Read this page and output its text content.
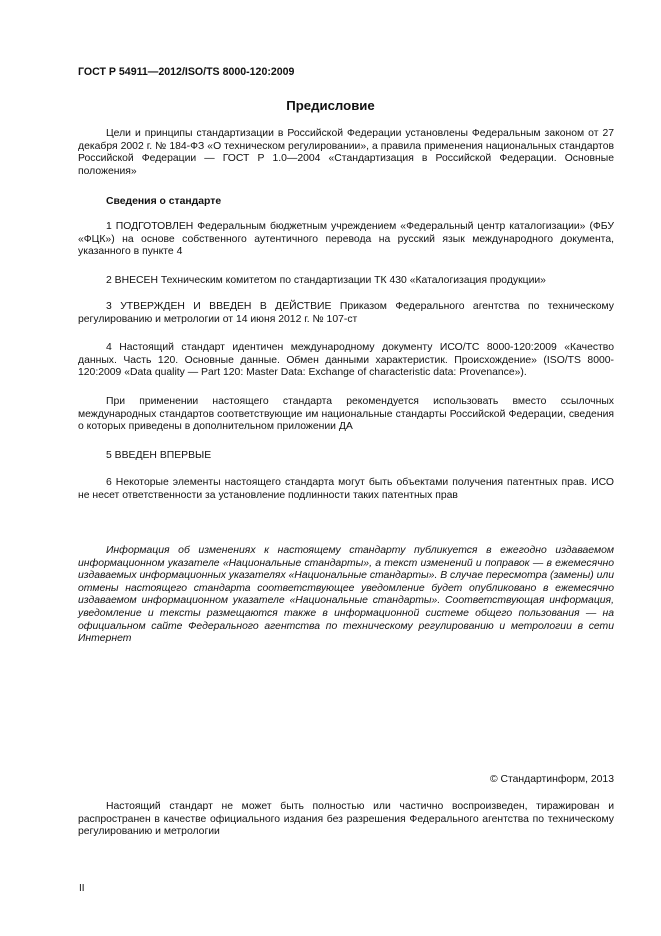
ГОСТ Р 54911—2012/ISO/TS 8000-120:2009
Предисловие
Цели и принципы стандартизации в Российской Федерации установлены Федеральным законом от 27 декабря 2002 г. № 184-ФЗ «О техническом регулировании», а правила применения национальных стандартов Российской Федерации — ГОСТ Р 1.0—2004 «Стандартизация в Российской Федерации. Основные положения»
Сведения о стандарте
1 ПОДГОТОВЛЕН Федеральным бюджетным учреждением «Федеральный центр каталогизации» (ФБУ «ФЦК») на основе собственного аутентичного перевода на русский язык международного документа, указанного в пункте 4
2 ВНЕСЕН Техническим комитетом по стандартизации ТК 430 «Каталогизация продукции»
3 УТВЕРЖДЕН И ВВЕДЕН В ДЕЙСТВИЕ Приказом Федерального агентства по техническому регулированию и метрологии от 14 июня 2012 г. № 107-ст
4 Настоящий стандарт идентичен международному документу ИСО/ТС 8000-120:2009 «Качество данных. Часть 120. Основные данные. Обмен данными характеристик. Происхождение» (ISO/TS 8000-120:2009 «Data quality — Part 120: Master Data: Exchange of characteristic data: Provenance»).
При применении настоящего стандарта рекомендуется использовать вместо ссылочных международных стандартов соответствующие им национальные стандарты Российской Федерации, сведения о которых приведены в дополнительном приложении ДА
5 ВВЕДЕН ВПЕРВЫЕ
6 Некоторые элементы настоящего стандарта могут быть объектами получения патентных прав. ИСО не несет ответственности за установление подлинности таких патентных прав
Информация об изменениях к настоящему стандарту публикуется в ежегодно издаваемом информационном указателе «Национальные стандарты», а текст изменений и поправок — в ежемесячно издаваемых информационных указателях «Национальные стандарты». В случае пересмотра (замены) или отмены настоящего стандарта соответствующее уведомление будет опубликовано в ежемесячно издаваемом информационном указателе «Национальные стандарты». Соответствующая информация, уведомление и тексты размещаются также в информационной системе общего пользования — на официальном сайте Федерального агентства по техническому регулированию и метрологии в сети Интернет
© Стандартинформ, 2013
Настоящий стандарт не может быть полностью или частично воспроизведен, тиражирован и распространен в качестве официального издания без разрешения Федерального агентства по техническому регулированию и метрологии
II
